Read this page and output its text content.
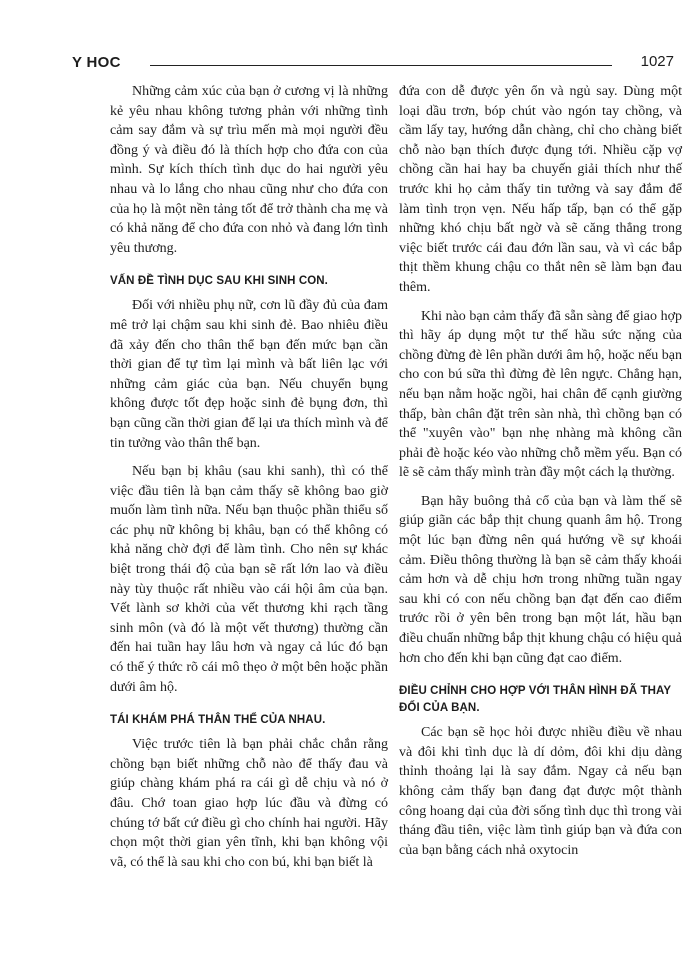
Y HOC	1027

Những cảm xúc của bạn ở cương vị là những kẻ yêu nhau không tương phản với những tình cảm say đắm và sự trìu mến mà mọi người đều đồng ý và điều đó là thích hợp cho đứa con của mình. Sự kích thích tình dục do hai người yêu nhau và lo lắng cho nhau cũng như cho đứa con của họ là một nền tảng tốt để trở thành cha mẹ và có khả năng để cho đứa con nhỏ và đang lớn tình yêu thương.

VẤN ĐỀ TÌNH DỤC SAU KHI SINH CON.

Đối với nhiều phụ nữ, cơn lũ đầy đủ của đam mê trở lại chậm sau khi sinh đẻ. Bao nhiêu điều đã xảy đến cho thân thể bạn đến mức bạn cần thời gian để tự tìm lại mình và bất liên lạc với những cảm giác của bạn. Nếu chuyển bụng không được tốt đẹp hoặc sinh đẻ bụng đơn, thì bạn cũng cần thời gian để lại ưa thích mình và để tin tưởng vào thân thể bạn.

Nếu bạn bị khâu (sau khi sanh), thì có thể việc đầu tiên là bạn cảm thấy sẽ không bao giờ muốn làm tình nữa. Nếu bạn thuộc phần thiểu số các phụ nữ không bị khâu, bạn có thể không có khả năng chờ đợi để làm tình. Cho nên sự khác biệt trong thái độ của bạn sẽ rất lớn lao và điều này tùy thuộc rất nhiều vào cái hội âm của bạn. Vết lành sơ khởi của vết thương khi rạch tầng sinh môn (và đó là một vết thương) thường cần đến hai tuần hay lâu hơn và ngay cả lúc đó bạn có thể ý thức rõ cái mô thẹo ở một bên hoặc phần dưới âm hộ.

TÁI KHÁM PHÁ THÂN THỂ CỦA NHAU.

Việc trước tiên là bạn phải chắc chắn rằng chồng bạn biết những chỗ nào để thấy đau và giúp chàng khám phá ra cái gì dễ chịu và nó ở đâu. Chớ toan giao hợp lúc đầu và đừng có chúng tớ bất cứ điều gì cho chính hai người. Hãy chọn một thời gian yên tĩnh, khi bạn không vội vã, có thể là sau khi cho con bú, khi bạn biết là

đứa con dễ được yên ổn và ngủ say. Dùng một loại dầu trơn, bóp chút vào ngón tay chồng, và cầm lấy tay, hướng dẫn chàng, chỉ cho chàng biết chỗ nào bạn thích được đụng tới. Nhiều cặp vợ chồng cần hai hay ba chuyến giải thích như thế trước khi họ cảm thấy tin tưởng và say đắm để làm tình trọn vẹn. Nếu hấp tấp, bạn có thể gặp những khó chịu bất ngờ và sẽ căng thẳng trong việc biết trước cái đau đớn lần sau, và vì các bắp thịt thềm khung chậu co thắt nên sẽ làm bạn đau thêm.

Khi nào bạn cảm thấy đã sẵn sàng để giao hợp thì hãy áp dụng một tư thế hầu sức nặng của chồng đừng đè lên phần dưới âm hộ, hoặc nếu bạn cho con bú sữa thì đừng đè lên ngực. Chẳng hạn, nếu bạn nằm hoặc ngồi, hai chân để cạnh giường thấp, bàn chân đặt trên sàn nhà, thì chồng bạn có thể "xuyên vào" bạn nhẹ nhàng mà không cần phải đè hoặc kéo vào những chỗ mềm yếu. Bạn có lẽ sẽ cảm thấy mình tràn đầy một cách lạ thường.

Bạn hãy buông thả cổ của bạn và làm thế sẽ giúp giãn các bắp thịt chung quanh âm hộ. Trong một lúc bạn đừng nên quá hướng về sự khoái cảm. Điều thông thường là bạn sẽ cảm thấy khoái cảm hơn và dễ chịu hơn trong những tuần ngay sau khi có con nếu chồng bạn đạt đến cao điểm trước rồi ở yên bên trong bạn một lát, hầu bạn điều chuẩn những bắp thịt khung chậu có hiệu quả hơn cho đến khi bạn cũng đạt cao điểm.

ĐIỀU CHỈNH CHO HỢP VỚI THÂN HÌNH ĐÃ THAY ĐỔI CỦA BẠN.

Các bạn sẽ học hỏi được nhiều điều về nhau và đôi khi tình dục là dí dỏm, đôi khi dịu dàng thỉnh thoảng lại là say đắm. Ngay cả nếu bạn không cảm thấy bạn đang đạt được một thành công hoang dại của đời sống tình dục thì trong vài tháng đầu tiên, việc làm tình giúp bạn và đứa con của bạn bằng cách nhả oxytocin
